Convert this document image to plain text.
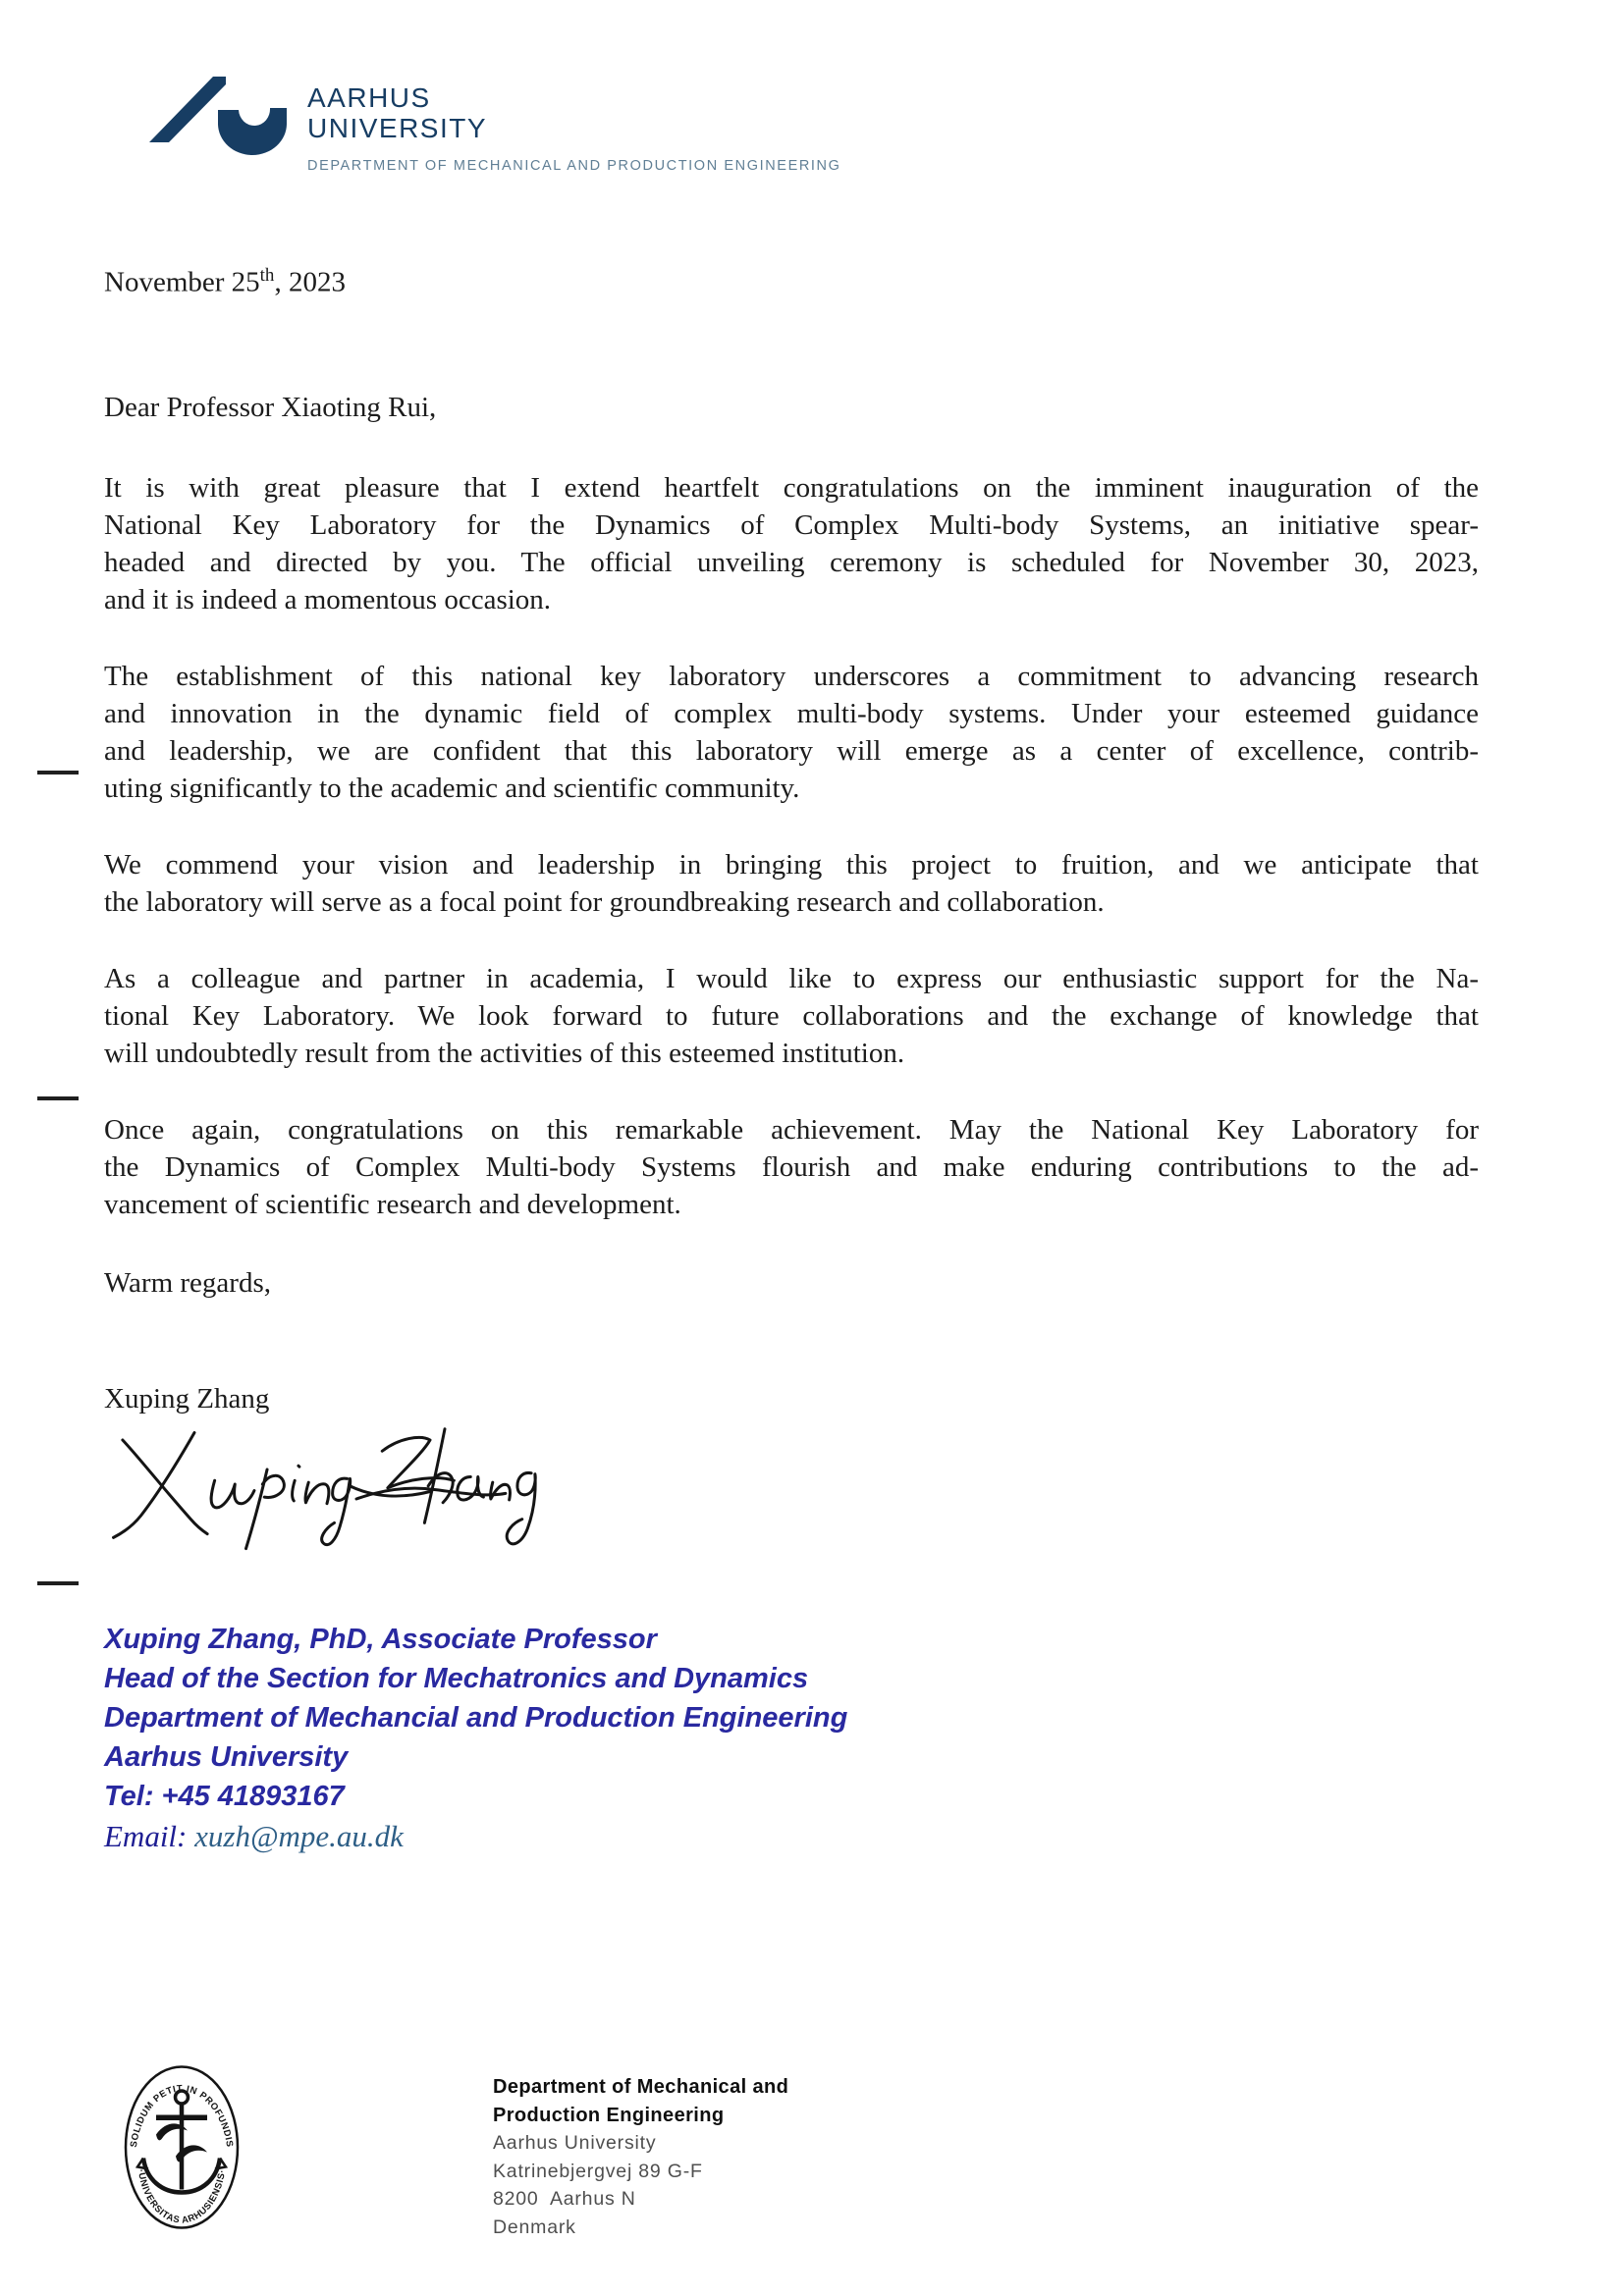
AARHUS
UNIVERSITY
DEPARTMENT OF MECHANICAL AND PRODUCTION ENGINEERING
November 25th, 2023
Dear Professor Xiaoting Rui,
It is with great pleasure that I extend heartfelt congratulations on the imminent inauguration of the
National Key Laboratory for the Dynamics of Complex Multi-body Systems, an initiative spear-
headed and directed by you. The official unveiling ceremony is scheduled for November 30, 2023,
and it is indeed a momentous occasion.
The establishment of this national key laboratory underscores a commitment to advancing research
and innovation in the dynamic field of complex multi-body systems. Under your esteemed guidance
and leadership, we are confident that this laboratory will emerge as a center of excellence, contrib-
uting significantly to the academic and scientific community.
We commend your vision and leadership in bringing this project to fruition, and we anticipate that
the laboratory will serve as a focal point for groundbreaking research and collaboration.
As a colleague and partner in academia, I would like to express our enthusiastic support for the Na-
tional Key Laboratory. We look forward to future collaborations and the exchange of knowledge that
will undoubtedly result from the activities of this esteemed institution.
Once again, congratulations on this remarkable achievement. May the National Key Laboratory for
the Dynamics of Complex Multi-body Systems flourish and make enduring contributions to the ad-
vancement of scientific research and development.
Warm regards,
Xuping Zhang
Xuping Zhang, PhD, Associate Professor
Head of the Section for Mechatronics and Dynamics
Department of Mechancial and Production Engineering
Aarhus University
Tel: +45 41893167
Email: xuzh@mpe.au.dk
SOLIDUM PETIT IN PROFUNDIS
·UNIVERSITAS ARHUSIENSIS·
Department of Mechanical and
Production Engineering
Aarhus University
Katrinebjergvej 89 G-F
8200  Aarhus N
Denmark
